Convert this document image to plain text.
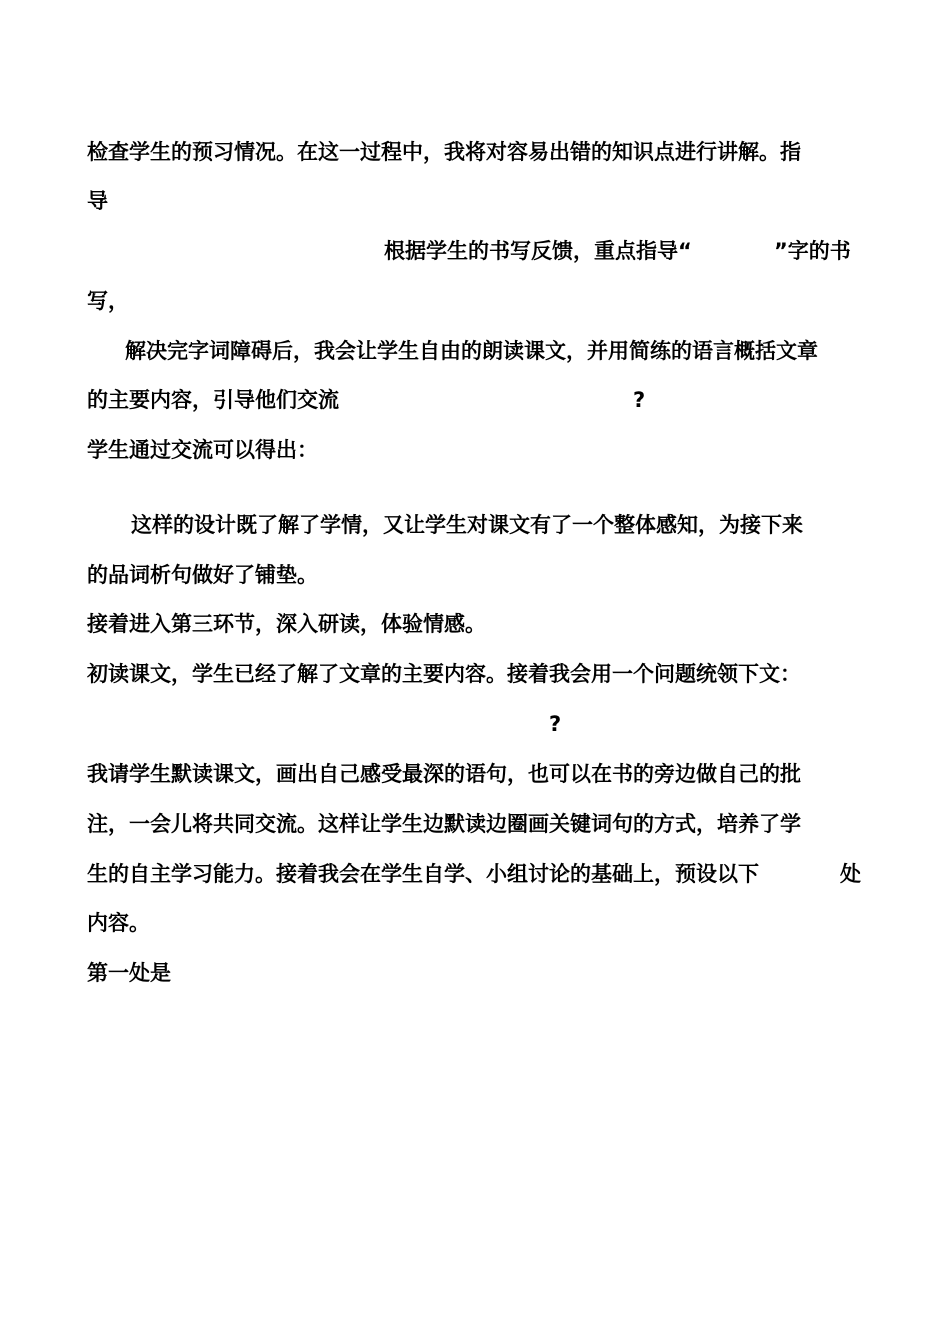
检查学生的预习情况。在这一过程中，我将对容易出错的知识点进行讲解。指
导
根据学生的书写反馈，重点指导“	”字的书
写，
解决完字词障碍后，我会让学生自由的朗读课文，并用简练的语言概括文章
的主要内容，引导他们交流	?
学生通过交流可以得出：
这样的设计既了解了学情，又让学生对课文有了一个整体感知，为接下来
的品词析句做好了铺垫。
接着进入第三环节，深入研读，体验情感。
初读课文，学生已经了解了文章的主要内容。接着我会用一个问题统领下文：
?
我请学生默读课文，画出自己感受最深的语句，也可以在书的旁边做自己的批
注，一会儿将共同交流。这样让学生边默读边圈画关键词句的方式，培养了学
生的自主学习能力。接着我会在学生自学、小组讨论的基础上，预设以下	处
内容。
第一处是
